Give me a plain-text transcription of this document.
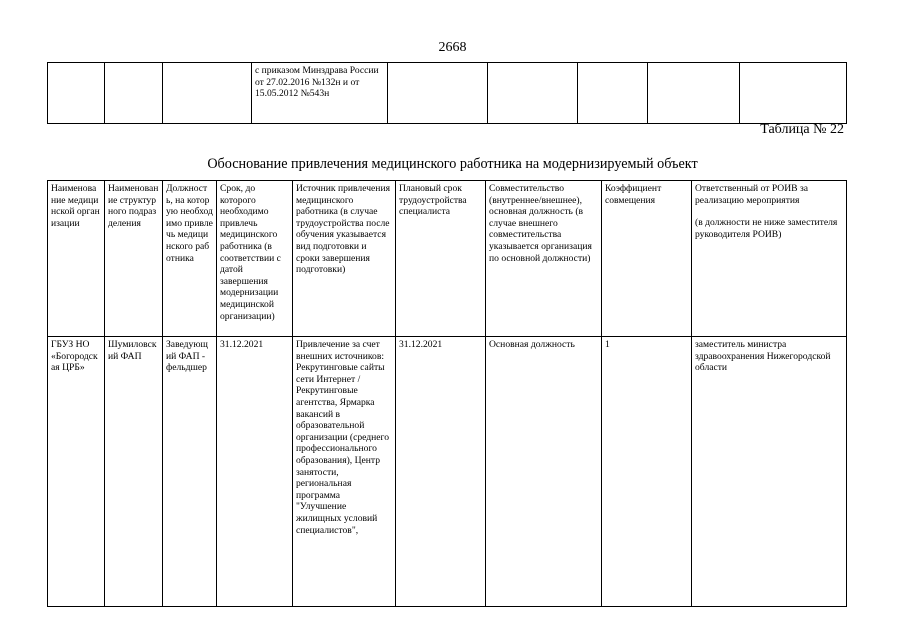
2668
			с приказом Минздрава России от 27.02.2016 №132н и от 15.05.2012 №543н					
Таблица № 22
Обоснование привлечения медицинского работника на модернизируемый объект
Наименование медицинской организации	Наименование структурного подразделения	Должность, на которую необходимо привлечь медицинского работника	Срок, до которого необходимо привлечь медицинского работника (в соответствии с датой завершения модернизации медицинской организации)	Источник привлечения медицинского работника (в случае трудоустройства после обучения указывается вид подготовки и сроки завершения подготовки)	Плановый срок трудоустройства специалиста	Совместительство (внутреннее/внешнее), основная должность (в случае внешнего совместительства указывается организация по основной должности)	Коэффициент совмещения	Ответственный от РОИВ за реализацию мероприятия
(в должности не ниже заместителя руководителя РОИВ)

ГБУЗ НО «Богородская ЦРБ»	Шумиловский ФАП	Заведующий ФАП - фельдшер	31.12.2021	Привлечение за счет внешних источников: Рекрутинговые сайты сети Интернет / Рекрутинговые агентства, Ярмарка вакансий в образовательной организации (среднего профессионального образования), Центр занятости, региональная программа "Улучшение жилищных условий специалистов",	31.12.2021	Основная должность	1	заместитель министра здравоохранения Нижегородской области
